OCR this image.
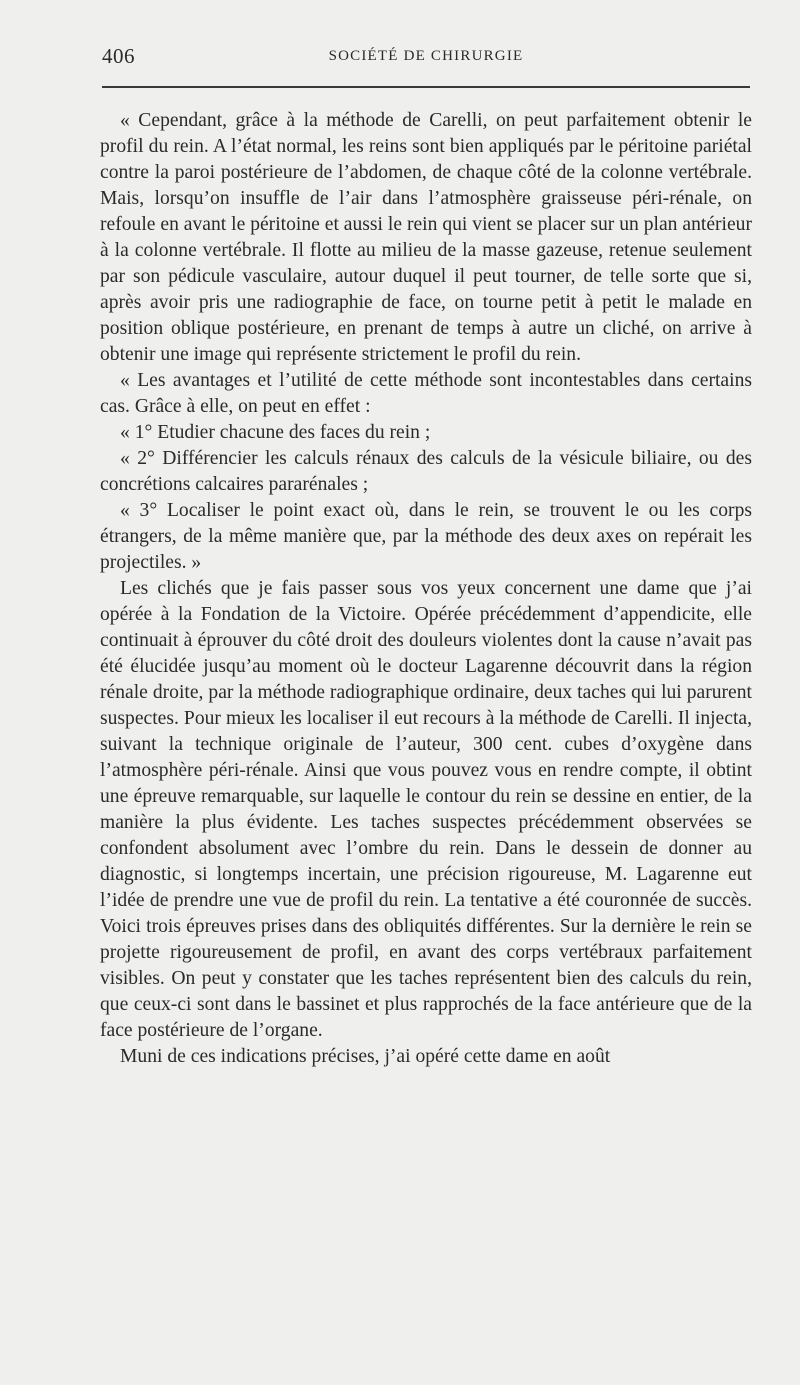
406	SOCIÉTÉ DE CHIRURGIE

« Cependant, grâce à la méthode de Carelli, on peut parfaitement obtenir le profil du rein. A l’état normal, les reins sont bien appliqués par le péritoine pariétal contre la paroi postérieure de l’abdomen, de chaque côté de la colonne vertébrale. Mais, lorsqu’on insuffle de l’air dans l’atmosphère graisseuse péri-rénale, on refoule en avant le péritoine et aussi le rein qui vient se placer sur un plan antérieur à la colonne vertébrale. Il flotte au milieu de la masse gazeuse, retenue seulement par son pédicule vasculaire, autour duquel il peut tourner, de telle sorte que si, après avoir pris une radiographie de face, on tourne petit à petit le malade en position oblique postérieure, en prenant de temps à autre un cliché, on arrive à obtenir une image qui représente strictement le profil du rein.

« Les avantages et l’utilité de cette méthode sont incontestables dans certains cas. Grâce à elle, on peut en effet :

« 1° Etudier chacune des faces du rein ;

« 2° Différencier les calculs rénaux des calculs de la vésicule biliaire, ou des concrétions calcaires pararénales ;

« 3° Localiser le point exact où, dans le rein, se trouvent le ou les corps étrangers, de la même manière que, par la méthode des deux axes on repérait les projectiles. »

Les clichés que je fais passer sous vos yeux concernent une dame que j’ai opérée à la Fondation de la Victoire. Opérée précédemment d’appendicite, elle continuait à éprouver du côté droit des douleurs violentes dont la cause n’avait pas été élucidée jusqu’au moment où le docteur Lagarenne découvrit dans la région rénale droite, par la méthode radiographique ordinaire, deux taches qui lui parurent suspectes. Pour mieux les localiser il eut recours à la méthode de Carelli. Il injecta, suivant la technique originale de l’auteur, 300 cent. cubes d’oxygène dans l’atmosphère péri-rénale. Ainsi que vous pouvez vous en rendre compte, il obtint une épreuve remarquable, sur laquelle le contour du rein se dessine en entier, de la manière la plus évidente. Les taches suspectes précédemment observées se confondent absolument avec l’ombre du rein. Dans le dessein de donner au diagnostic, si longtemps incertain, une précision rigoureuse, M. Lagarenne eut l’idée de prendre une vue de profil du rein. La tentative a été couronnée de succès. Voici trois épreuves prises dans des obliquités différentes. Sur la dernière le rein se projette rigoureusement de profil, en avant des corps vertébraux parfaitement visibles. On peut y constater que les taches représentent bien des calculs du rein, que ceux-ci sont dans le bassinet et plus rapprochés de la face antérieure que de la face postérieure de l’organe.

Muni de ces indications précises, j’ai opéré cette dame en août
